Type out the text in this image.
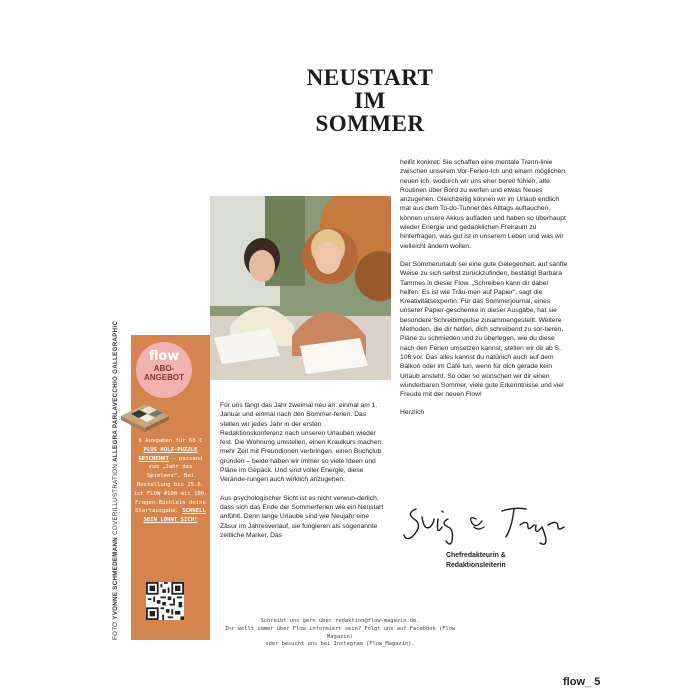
NEUSTART
IM SOMMER
FOTO YVONNE SCHMEDEMANN COVERILLUSTRATION ALLEGRA PARLAVECCHIO GALLEGRAPHIC ♥ flow
ABO-
ANGEBOT
6 Ausgaben für 68 € PLUS HOLZ-PUZZLE GESCHENKT – passend zum „Jahr des Spielens“. Bei Bestellung bis 25.6. ist FLOW #100 mit 100-Fragen-Büchlein deine Startausgabe. SCHNELL SEIN LOHNT SICH!

Für uns fängt das Jahr zweimal neu an: einmal am 1. Januar und einmal nach den Sommer-ferien. Das stellen wir jedes Jahr in der ersten Redaktionskonferenz nach unseren Urlauben wieder fest. Die Wohnung umstellen, einen Kraulkurs machen, mehr Zeit mit Freundinnen verbringen, einen Buchclub gründen – beide haben wir immer so viele Ideen und Pläne im Gepäck. Und sind voller Energie, diese Verände-rungen auch wirklich anzugehen.

Aus psychologischer Sicht ist es nicht verwun-derlich, dass sich das Ende der Sommerferien wie ein Neustart anfühlt. Denn lange Urlaube sind wie Neujahr eine Zäsur im Jahresverlauf, sie fungieren als sogenannte zeitliche Marker. Das

heißt konkret: Sie schaffen eine mentale Trenn-linie zwischen unserem Vor-Ferien-Ich und einem möglichen neuen Ich, wodurch wir uns eher bereit fühlen, alte Routinen über Bord zu werfen und etwas Neues anzugehen. Gleichzeitig können wir im Urlaub endlich mal aus dem To-do-Tunnel des Alltags auftauchen, können unsere Akkus aufladen und haben so überhaupt wieder Energie und gedanklichen Freiraum zu hinterfragen, was gut ist in unserem Leben und was wir vielleicht ändern wollen.

Der Sommerurlaub sei eine gute Gelegenheit, auf sanfte Weise zu sich selbst zurückzufinden, bestätigt Barbara Tammes in dieser Flow. „Schreiben kann dir dabei helfen: Es ist wie Träu-men auf Papier“, sagt die Kreativitätsexpertin. Für das Sommerjournal, eines unserer Papier-geschenke in dieser Ausgabe, hat sie besondere Schreibimpulse zusammengestellt. Weitere Methoden, die dir helfen, dich schreibend zu sor-tieren, Pläne zu schmieden und zu überlegen, wie du diese nach den Ferien umsetzen kannst, stellen wir dir ab S. 106 vor. Das alles kannst du natürlich auch auf dem Balkon oder im Café tun, wenn für dich gerade kein Urlaub ansteht. So oder so wünschen wir dir einen wunderbaren Sommer, viele gute Erkenntnisse und viel Freude mit der neuen Flow!

Herzlich

Chefredakteurin &
Redaktionsleiterin
Schreibt uns gern über redaktion@flow-magazin.de.
Ihr wollt immer über Flow informiert sein? Folgt uns auf Facebook (Flow Magazin)
oder besucht uns bei Instagram (Flow_Magazin).
flow_ 5
